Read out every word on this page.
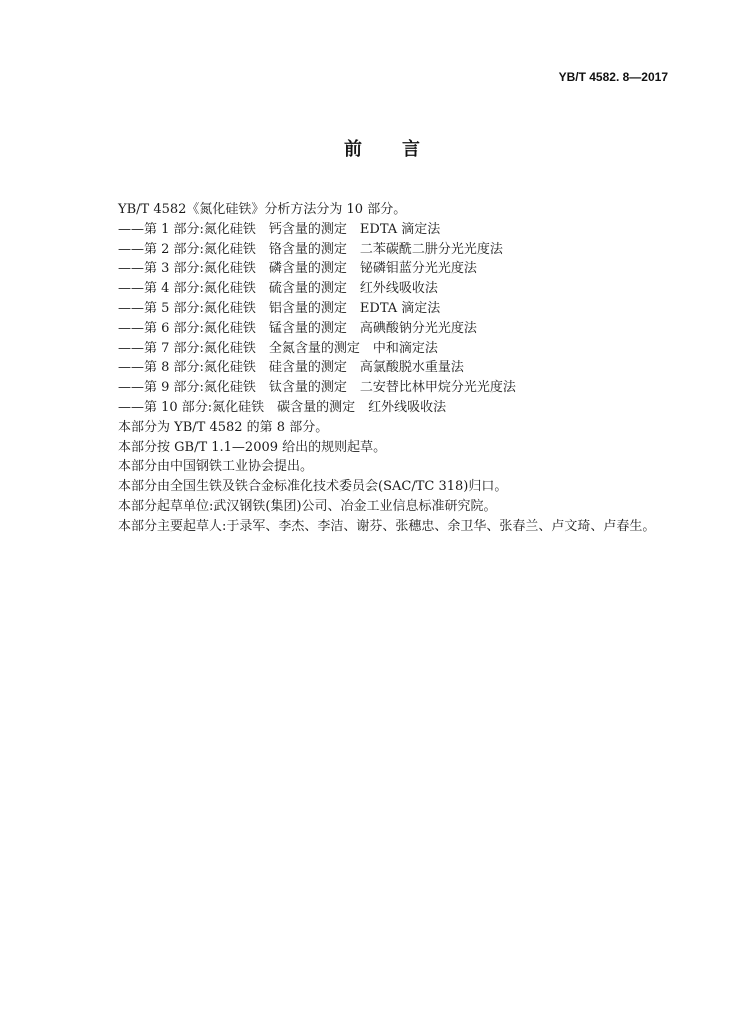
YB/T 4582. 8—2017
前　言
YB/T 4582《氮化硅铁》分析方法分为 10 部分。
——第 1 部分:氮化硅铁　钙含量的测定　EDTA 滴定法
——第 2 部分:氮化硅铁　铬含量的测定　二苯碳酰二肼分光光度法
——第 3 部分:氮化硅铁　磷含量的测定　铋磷钼蓝分光光度法
——第 4 部分:氮化硅铁　硫含量的测定　红外线吸收法
——第 5 部分:氮化硅铁　铝含量的测定　EDTA 滴定法
——第 6 部分:氮化硅铁　锰含量的测定　高碘酸钠分光光度法
——第 7 部分:氮化硅铁　全氮含量的测定　中和滴定法
——第 8 部分:氮化硅铁　硅含量的测定　高氯酸脱水重量法
——第 9 部分:氮化硅铁　钛含量的测定　二安替比林甲烷分光光度法
——第 10 部分:氮化硅铁　碳含量的测定　红外线吸收法
本部分为 YB/T 4582 的第 8 部分。
本部分按 GB/T 1.1—2009 给出的规则起草。
本部分由中国钢铁工业协会提出。
本部分由全国生铁及铁合金标准化技术委员会(SAC/TC 318)归口。
本部分起草单位:武汉钢铁(集团)公司、冶金工业信息标准研究院。
本部分主要起草人:于录军、李杰、李洁、谢芬、张穗忠、余卫华、张春兰、卢文琦、卢春生。
